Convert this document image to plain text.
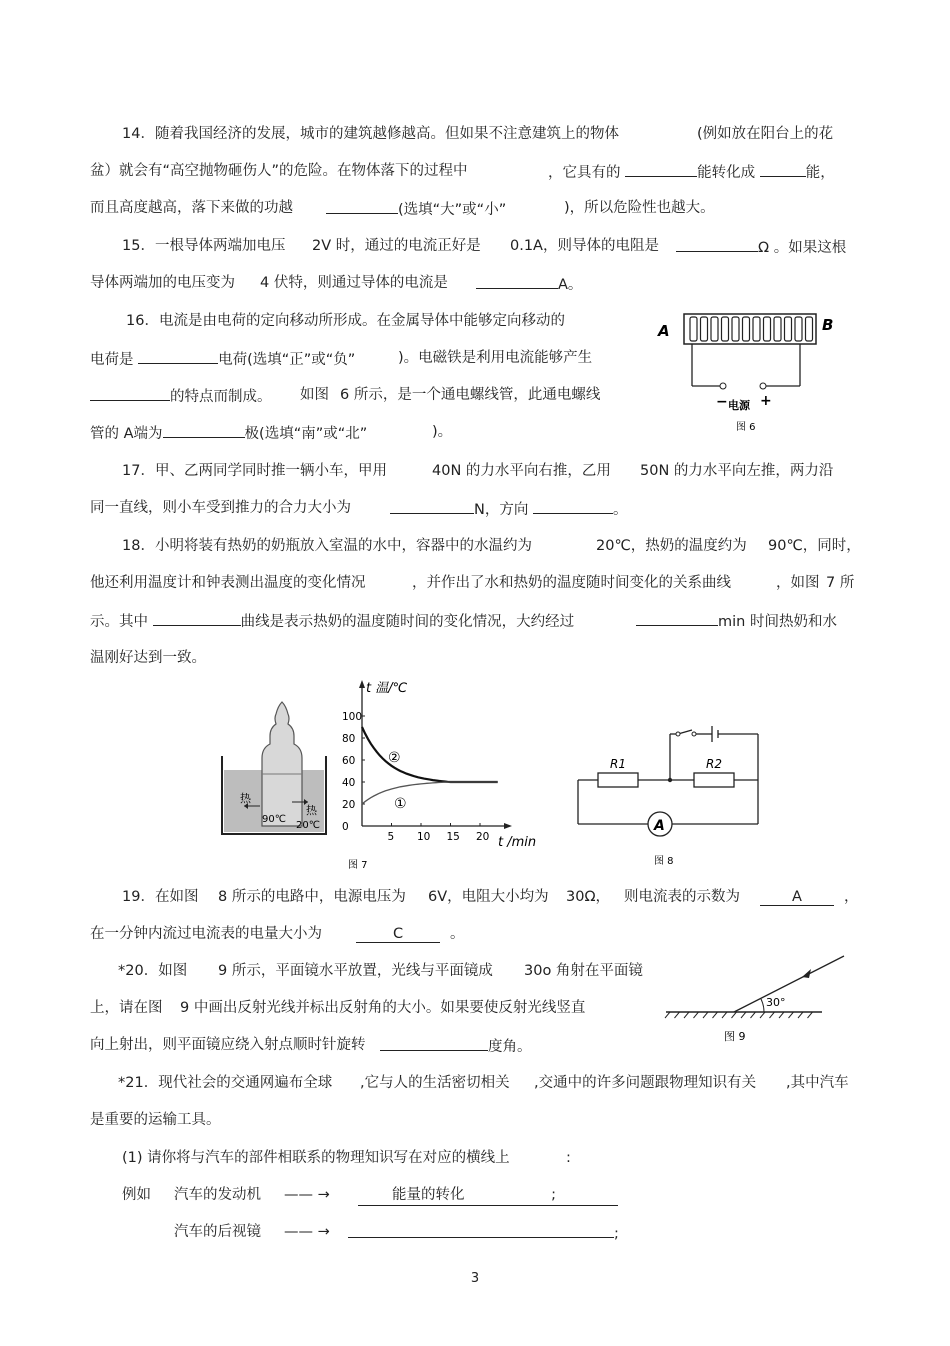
14．随着我国经济的发展，城市的建筑越修越高。但如果不注意建筑上的物体	(例如放在阳台上的花
盆）就会有“高空抛物砸伤人”的危险。在物体落下的过程中	，它具有的	能转化成	能，
而且高度越高，落下来做的功越	(选填“大”或“小”	)，所以危险性也越大。
15．一根导体两端加电压 2V 时，通过的电流正好是 0.1A，则导体的电阻是	Ω 。如果这根
导体两端加的电压变为 4 伏特，则通过导体的电流是	A。
16．电流是由电荷的定向移动所形成。在金属导体中能够定向移动的
电荷是	电荷(选填“正”或“负”	)。电磁铁是利用电流能够产生
的特点而制成。 如图 6 所示，是一个通电螺线管，此通电螺线
管的 A端为	极(选填“南”或“北”	)。
A	B
− 电源 +
图 6
17．甲、乙两同学同时推一辆小车，甲用	40N 的力水平向右推，乙用 50N 的力水平向左推，两力沿
同一直线，则小车受到推力的合力大小为	N，方向	。
18．小明将装有热奶的奶瓶放入室温的水中，容器中的水温约为	20℃，热奶的温度约为 90℃，同时，
他还利用温度计和钟表测出温度的变化情况	，并作出了水和热奶的温度随时间变化的关系曲线	，如图 7 所
示。其中	曲线是表示热奶的温度随时间的变化情况，大约经过	min 时间热奶和水
温刚好达到一致。
热
热
90℃
20℃
100
80
60
40
20
0
5 10 15 20
②
①
t 温/℃
t /min
图 7
A
R1	R2
图 8
19．在如图 8 所示的电路中，电源电压为 6V，电阻大小均为 30Ω， 则电流表的示数为	A	，
在一分钟内流过电流表的电量大小为	C	。
*20．如图 9 所示，平面镜水平放置，光线与平面镜成 30o 角射在平面镜
上，请在图 9 中画出反射光线并标出反射角的大小。如果要使反射光线竖直
向上射出，则平面镜应绕入射点顺时针旋转	度角。
30°
图 9
*21．现代社会的交通网遍布全球 ,它与人的生活密切相关 ,交通中的许多问题跟物理知识有关 ,其中汽车
是重要的运输工具。
(1) 请你将与汽车的部件相联系的物理知识写在对应的横线上	:
例如 汽车的发动机 —— →	能量的转化	;
汽车的后视镜 —— →	;
3
